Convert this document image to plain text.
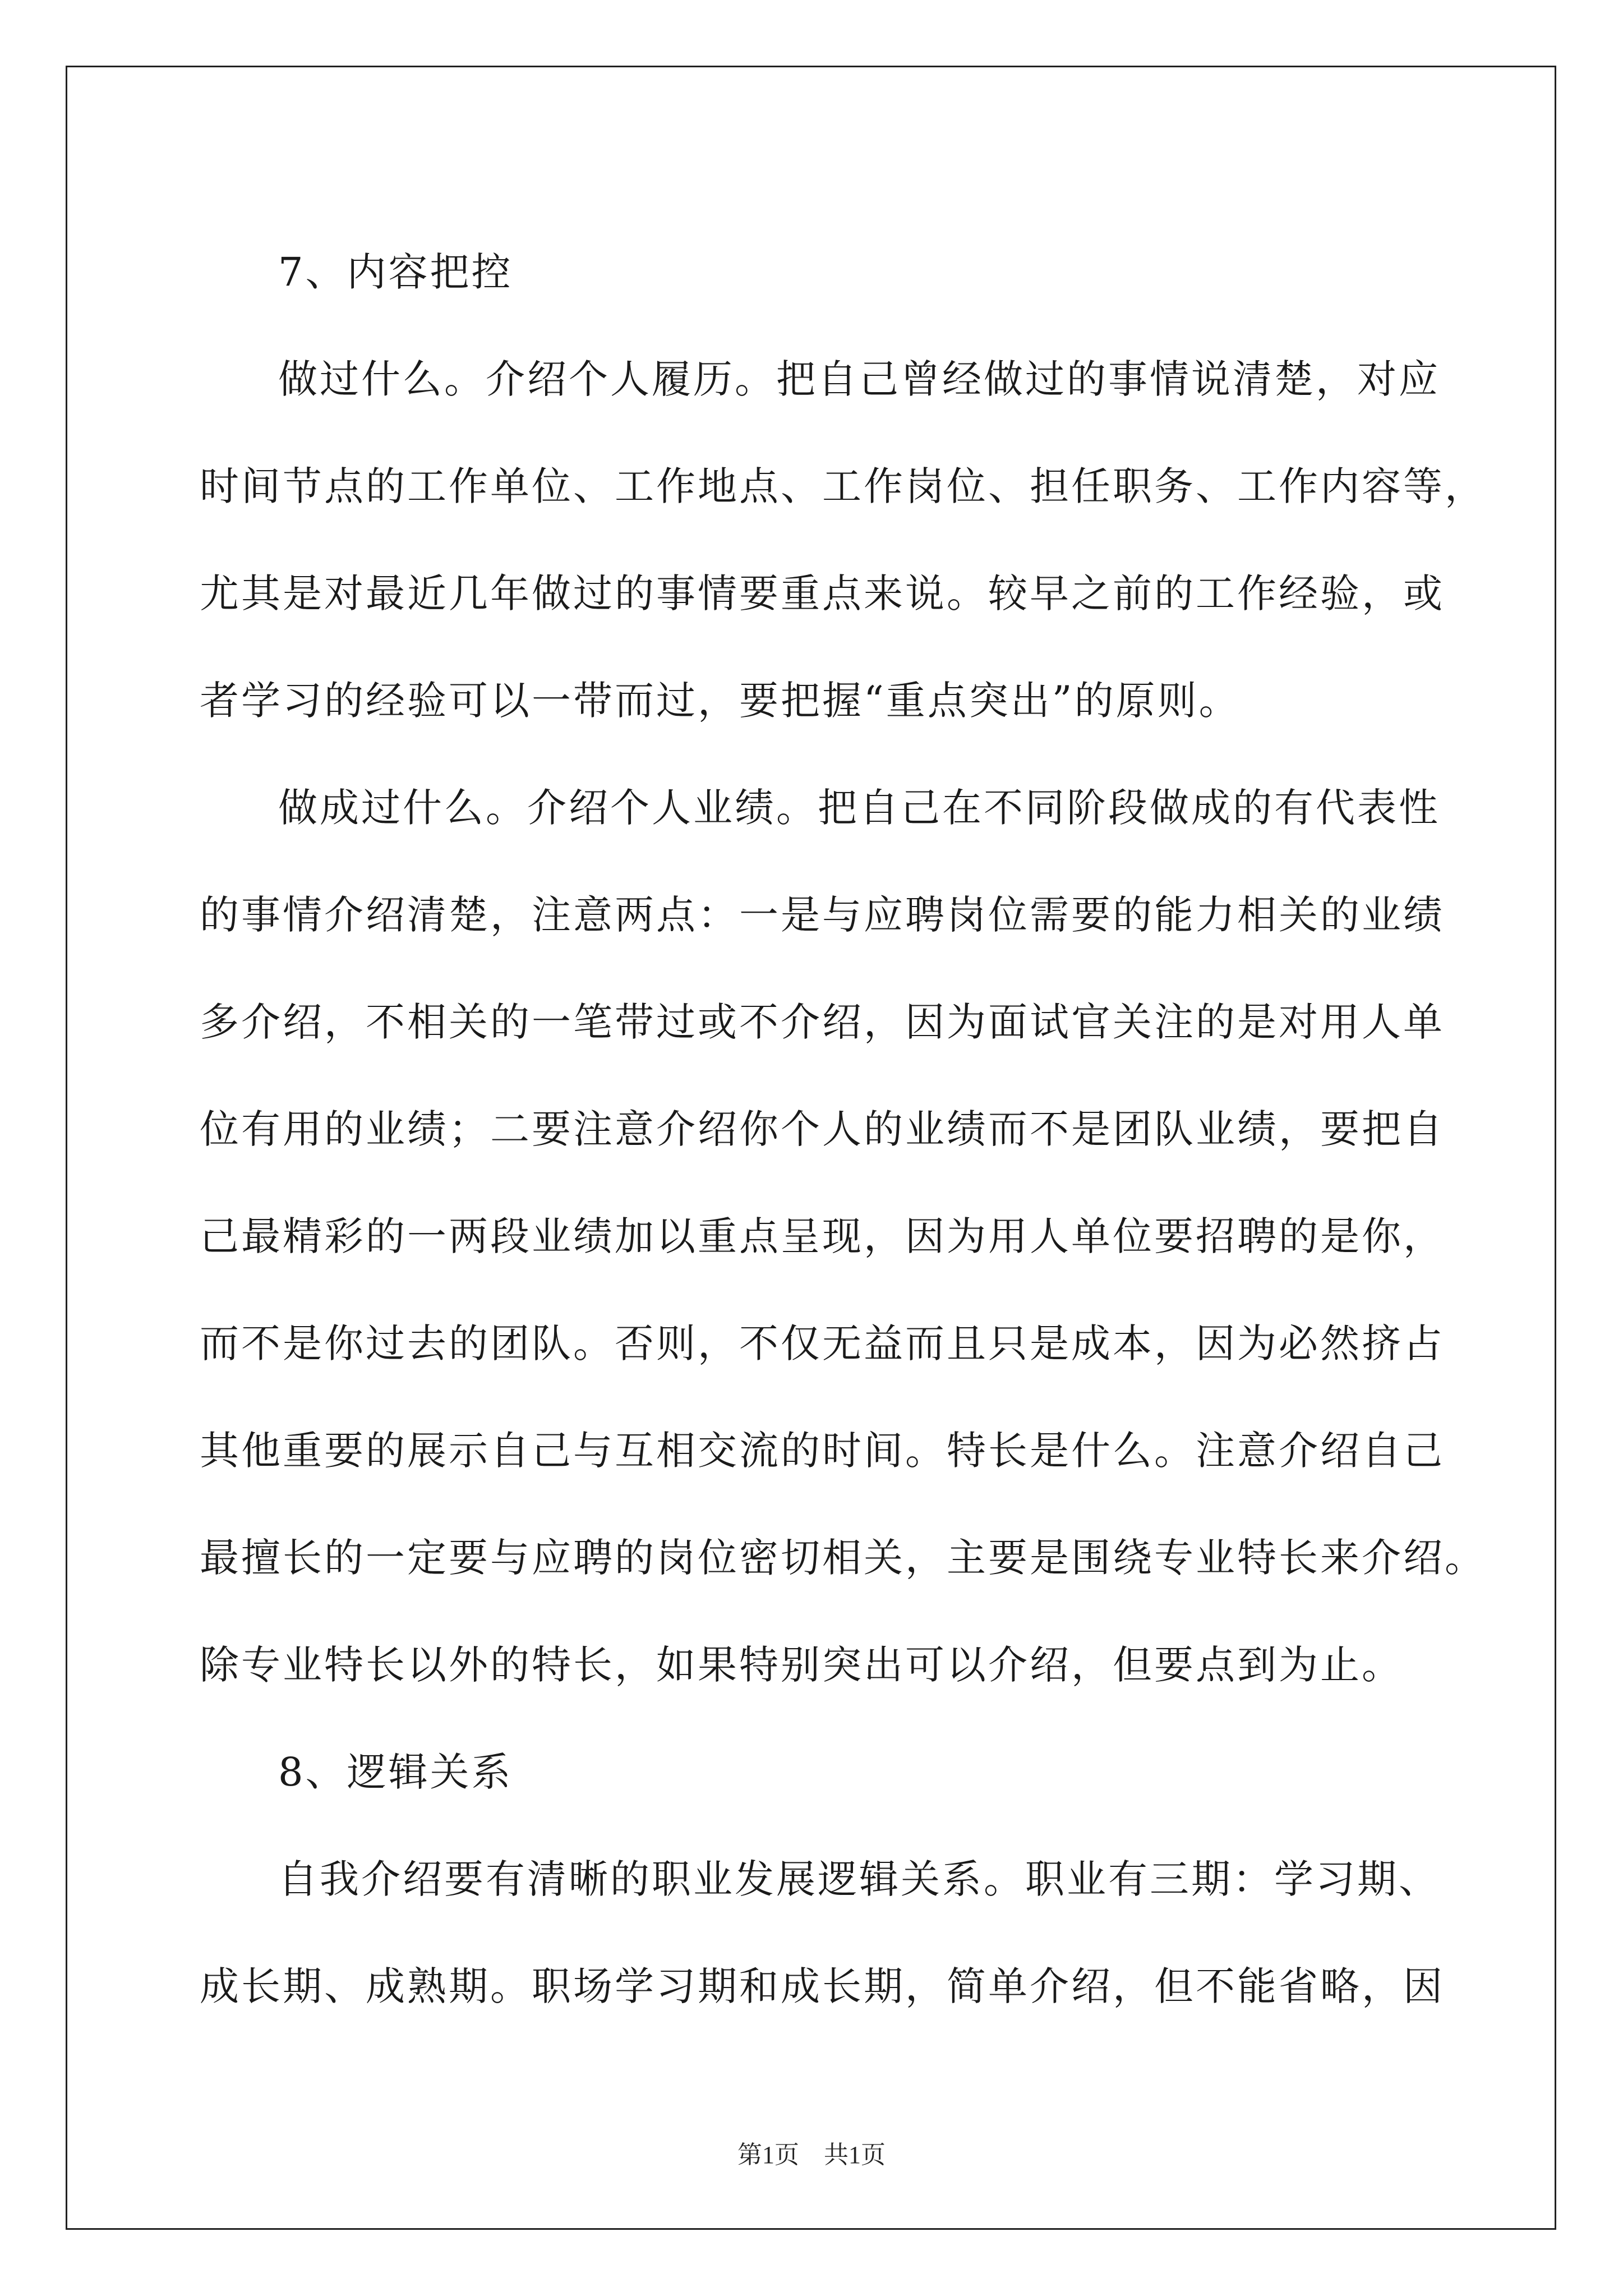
7、内容把控
做过什么。介绍个人履历。把自己曾经做过的事情说清楚，对应
时间节点的工作单位、工作地点、工作岗位、担任职务、工作内容等，
尤其是对最近几年做过的事情要重点来说。较早之前的工作经验，或
者学习的经验可以一带而过，要把握“重点突出”的原则。
做成过什么。介绍个人业绩。把自己在不同阶段做成的有代表性
的事情介绍清楚，注意两点：一是与应聘岗位需要的能力相关的业绩
多介绍，不相关的一笔带过或不介绍，因为面试官关注的是对用人单
位有用的业绩；二要注意介绍你个人的业绩而不是团队业绩，要把自
己最精彩的一两段业绩加以重点呈现，因为用人单位要招聘的是你，
而不是你过去的团队。否则，不仅无益而且只是成本，因为必然挤占
其他重要的展示自己与互相交流的时间。特长是什么。注意介绍自己
最擅长的一定要与应聘的岗位密切相关，主要是围绕专业特长来介绍。
除专业特长以外的特长，如果特别突出可以介绍，但要点到为止。
8、逻辑关系
自我介绍要有清晰的职业发展逻辑关系。职业有三期：学习期、
成长期、成熟期。职场学习期和成长期，简单介绍，但不能省略，因
第1页　共1页
